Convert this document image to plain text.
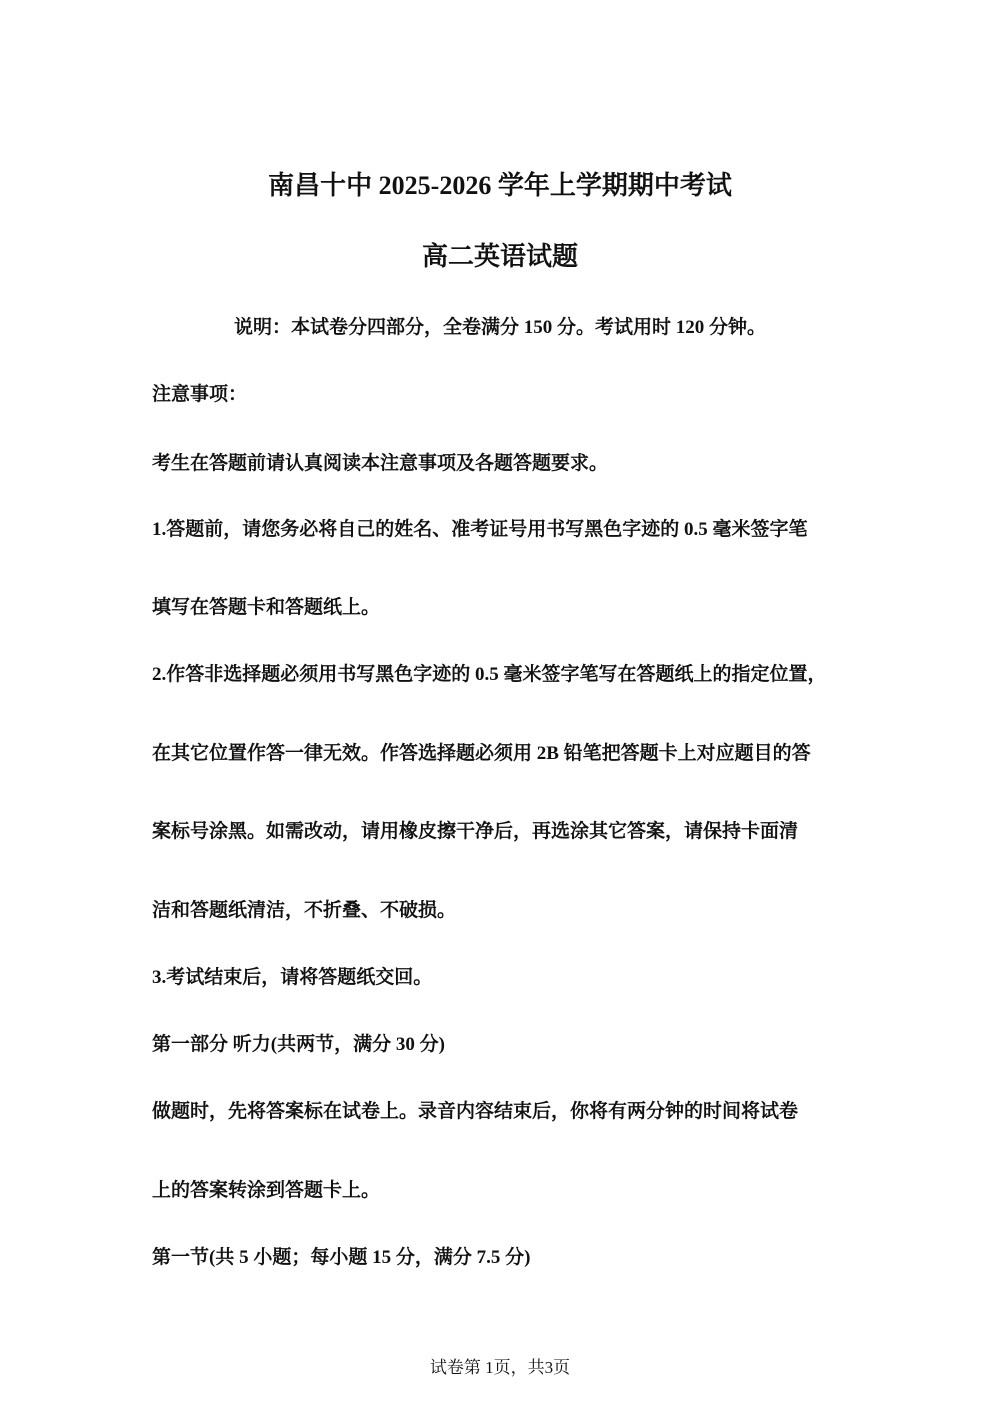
南昌十中 2025-2026 学年上学期期中考试
高二英语试题
说明：本试卷分四部分，全卷满分 150 分。考试用时 120 分钟。
注意事项：
考生在答题前请认真阅读本注意事项及各题答题要求。
1.答题前，请您务必将自己的姓名、准考证号用书写黑色字迹的 0.5 毫米签字笔
填写在答题卡和答题纸上。
2.作答非选择题必须用书写黑色字迹的 0.5 毫米签字笔写在答题纸上的指定位置，
在其它位置作答一律无效。作答选择题必须用 2B 铅笔把答题卡上对应题目的答
案标号涂黑。如需改动，请用橡皮擦干净后，再选涂其它答案，请保持卡面清
洁和答题纸清洁，不折叠、不破损。
3.考试结束后，请将答题纸交回。
第一部分 听力(共两节，满分 30 分)
做题时，先将答案标在试卷上。录音内容结束后，你将有两分钟的时间将试卷
上的答案转涂到答题卡上。
第一节(共 5 小题；每小题 15 分，满分 7.5 分)
试卷第 1页，共3页
